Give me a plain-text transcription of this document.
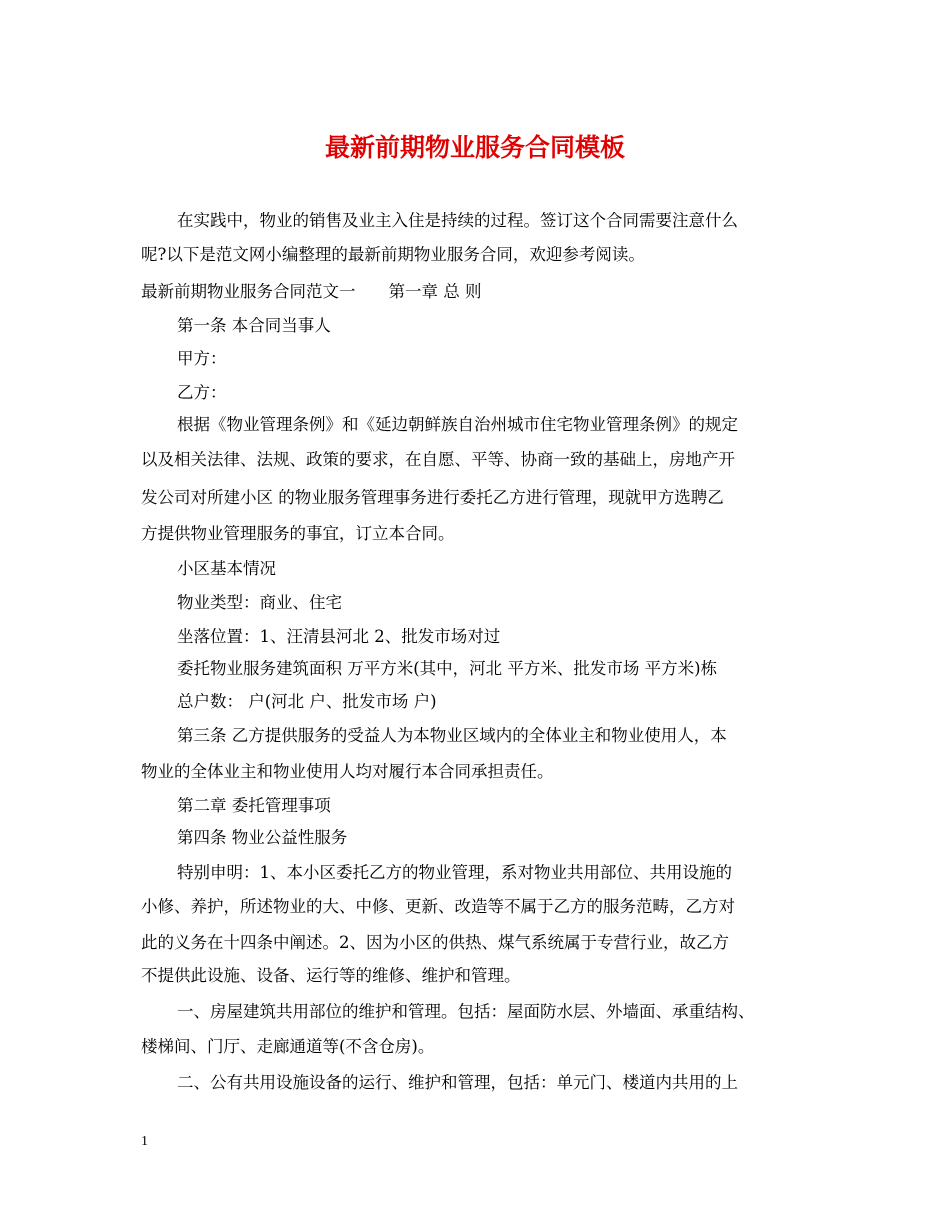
最新前期物业服务合同模板

在实践中，物业的销售及业主入住是持续的过程。签订这个合同需要注意什么

呢?以下是范文网小编整理的最新前期物业服务合同，欢迎参考阅读。

最新前期物业服务合同范文一　　第一章 总 则

第一条 本合同当事人

甲方：

乙方：

根据《物业管理条例》和《延边朝鲜族自治州城市住宅物业管理条例》的规定

以及相关法律、法规、政策的要求，在自愿、平等、协商一致的基础上，房地产开

发公司对所建小区 的物业服务管理事务进行委托乙方进行管理，现就甲方选聘乙

方提供物业管理服务的事宜，订立本合同。

小区基本情况

物业类型：商业、住宅

坐落位置：1、汪清县河北 2、批发市场对过

委托物业服务建筑面积 万平方米(其中，河北 平方米、批发市场 平方米)栋

总户数： 户(河北 户、批发市场 户)

第三条 乙方提供服务的受益人为本物业区域内的全体业主和物业使用人，本

物业的全体业主和物业使用人均对履行本合同承担责任。

第二章 委托管理事项

第四条 物业公益性服务

特别申明：1、本小区委托乙方的物业管理，系对物业共用部位、共用设施的

小修、养护，所述物业的大、中修、更新、改造等不属于乙方的服务范畴，乙方对

此的义务在十四条中阐述。2、因为小区的供热、煤气系统属于专营行业，故乙方

不提供此设施、设备、运行等的维修、维护和管理。

一、房屋建筑共用部位的维护和管理。包括：屋面防水层、外墙面、承重结构、

楼梯间、门厅、走廊通道等(不含仓房)。

二、公有共用设施设备的运行、维护和管理，包括：单元门、楼道内共用的上

1
